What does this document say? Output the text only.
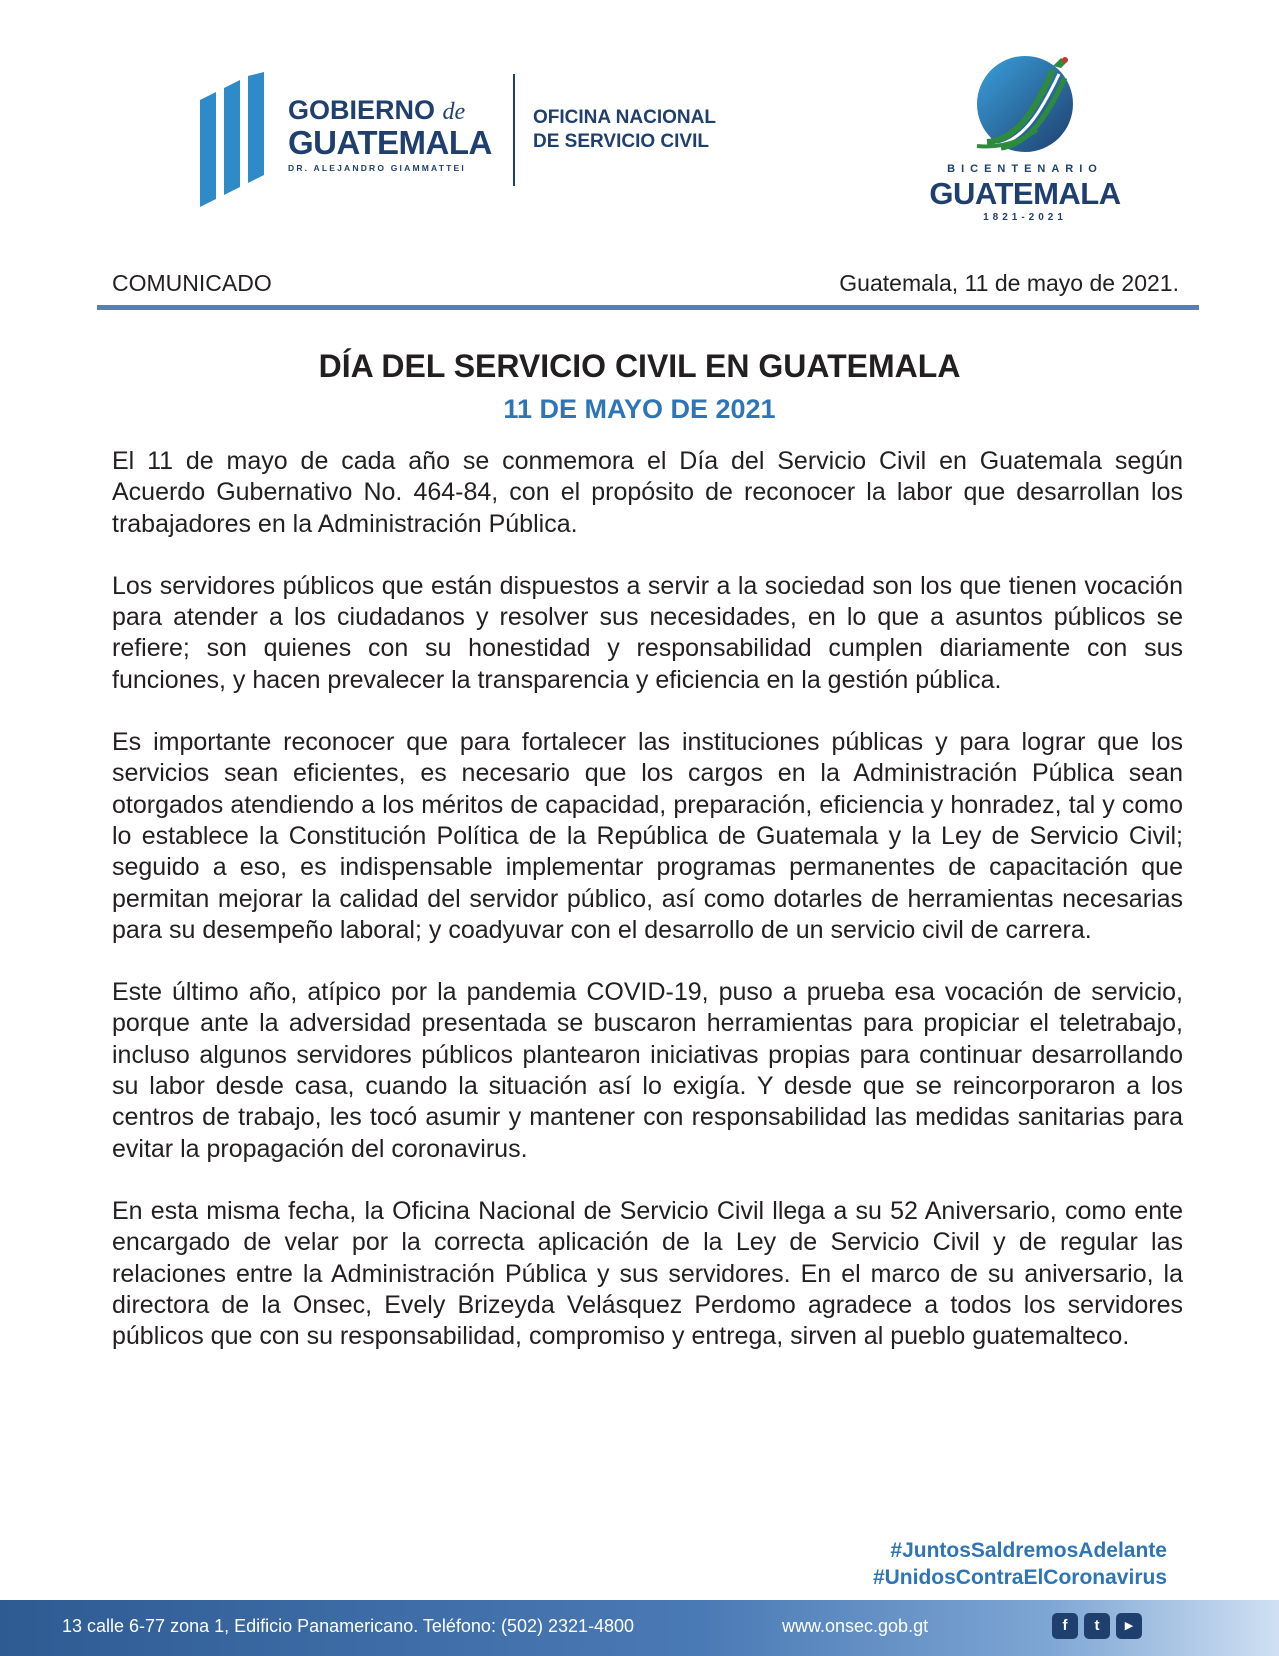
GOBIERNO de
GUATEMALA
DR. ALEJANDRO GIAMMATTEI
OFICINA NACIONAL
DE SERVICIO CIVIL
BICENTENARIO
GUATEMALA
1821-2021
COMUNICADO	Guatemala, 11 de mayo de 2021.
DÍA DEL SERVICIO CIVIL EN GUATEMALA
11 DE MAYO DE 2021

El 11 de mayo de cada año se conmemora el Día del Servicio Civil en Guatemala según Acuerdo Gubernativo No. 464-84, con el propósito de reconocer la labor que desarrollan los trabajadores en la Administración Pública.

Los servidores públicos que están dispuestos a servir a la sociedad son los que tienen vocación para atender a los ciudadanos y resolver sus necesidades, en lo que a asuntos públicos se refiere; son quienes con su honestidad y responsabilidad cumplen diariamente con sus funciones, y hacen prevalecer la transparencia y eficiencia en la gestión pública.

Es importante reconocer que para fortalecer las instituciones públicas y para lograr que los servicios sean eficientes, es necesario que los cargos en la Administración Pública sean otorgados atendiendo a los méritos de capacidad, preparación, eficiencia y honradez, tal y como lo establece la Constitución Política de la República de Guatemala y la Ley de Servicio Civil; seguido a eso, es indispensable implementar programas permanentes de capacitación que permitan mejorar la calidad del servidor público, así como dotarles de herramientas necesarias para su desempeño laboral; y coadyuvar con el desarrollo de un servicio civil de carrera.

Este último año, atípico por la pandemia COVID-19, puso a prueba esa vocación de servicio, porque ante la adversidad presentada se buscaron herramientas para propiciar el teletrabajo, incluso algunos servidores públicos plantearon iniciativas propias para continuar desarrollando su labor desde casa, cuando la situación así lo exigía. Y desde que se reincorporaron a los centros de trabajo, les tocó asumir y mantener con responsabilidad las medidas sanitarias para evitar la propagación del coronavirus.

En esta misma fecha, la Oficina Nacional de Servicio Civil llega a su 52 Aniversario, como ente encargado de velar por la correcta aplicación de la Ley de Servicio Civil y de regular las relaciones entre la Administración Pública y sus servidores. En el marco de su aniversario, la directora de la Onsec, Evely Brizeyda Velásquez Perdomo agradece a todos los servidores públicos que con su responsabilidad, compromiso y entrega, sirven al pueblo guatemalteco.

#JuntosSaldremosAdelante
#UnidosContraElCoronavirus
13 calle 6-77 zona 1, Edificio Panamericano. Teléfono: (502) 2321-4800	www.onsec.gob.gt	f	t	▶
